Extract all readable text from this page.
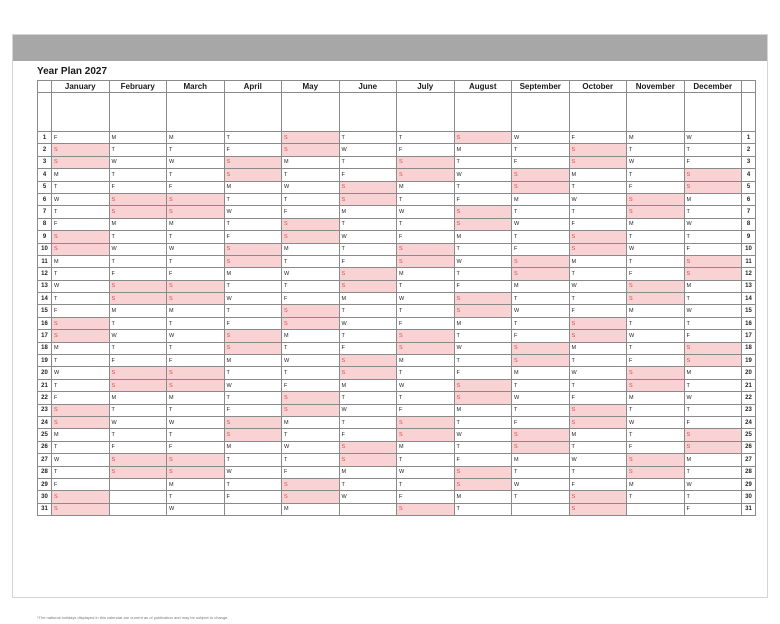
Year Plan 2027
	January	February	March	April	May	June	July	August	September	October	November	December	

1	F	M	M	T	S	T	T	S	W	F	M	W	1
2	S	T	T	F	S	W	F	M	T	S	T	T	2
3	S	W	W	S	M	T	S	T	F	S	W	F	3
4	M	T	T	S	T	F	S	W	S	M	T	S	4
5	T	F	F	M	W	S	M	T	S	T	F	S	5
6	W	S	S	T	T	S	T	F	M	W	S	M	6
7	T	S	S	W	F	M	W	S	T	T	S	T	7
8	F	M	M	T	S	T	T	S	W	F	M	W	8
9	S	T	T	F	S	W	F	M	T	S	T	T	9
10	S	W	W	S	M	T	S	T	F	S	W	F	10
11	M	T	T	S	T	F	S	W	S	M	T	S	11
12	T	F	F	M	W	S	M	T	S	T	F	S	12
13	W	S	S	T	T	S	T	F	M	W	S	M	13
14	T	S	S	W	F	M	W	S	T	T	S	T	14
15	F	M	M	T	S	T	T	S	W	F	M	W	15
16	S	T	T	F	S	W	F	M	T	S	T	T	16
17	S	W	W	S	M	T	S	T	F	S	W	F	17
18	M	T	T	S	T	F	S	W	S	M	T	S	18
19	T	F	F	M	W	S	M	T	S	T	F	S	19
20	W	S	S	T	T	S	T	F	M	W	S	M	20
21	T	S	S	W	F	M	W	S	T	T	S	T	21
22	F	M	M	T	S	T	T	S	W	F	M	W	22
23	S	T	T	F	S	W	F	M	T	S	T	T	23
24	S	W	W	S	M	T	S	T	F	S	W	F	24
25	M	T	T	S	T	F	S	W	S	M	T	S	25
26	T	F	F	M	W	S	M	T	S	T	F	S	26
27	W	S	S	T	T	S	T	F	M	W	S	M	27
28	T	S	S	W	F	M	W	S	T	T	S	T	28
29	F		M	T	S	T	T	S	W	F	M	W	29
30	S		T	F	S	W	F	M	T	S	T	T	30
31	S		W		M		S	T		S		F	31
*The national holidays displayed in this calendar are current as of publication and may be subject to change.
